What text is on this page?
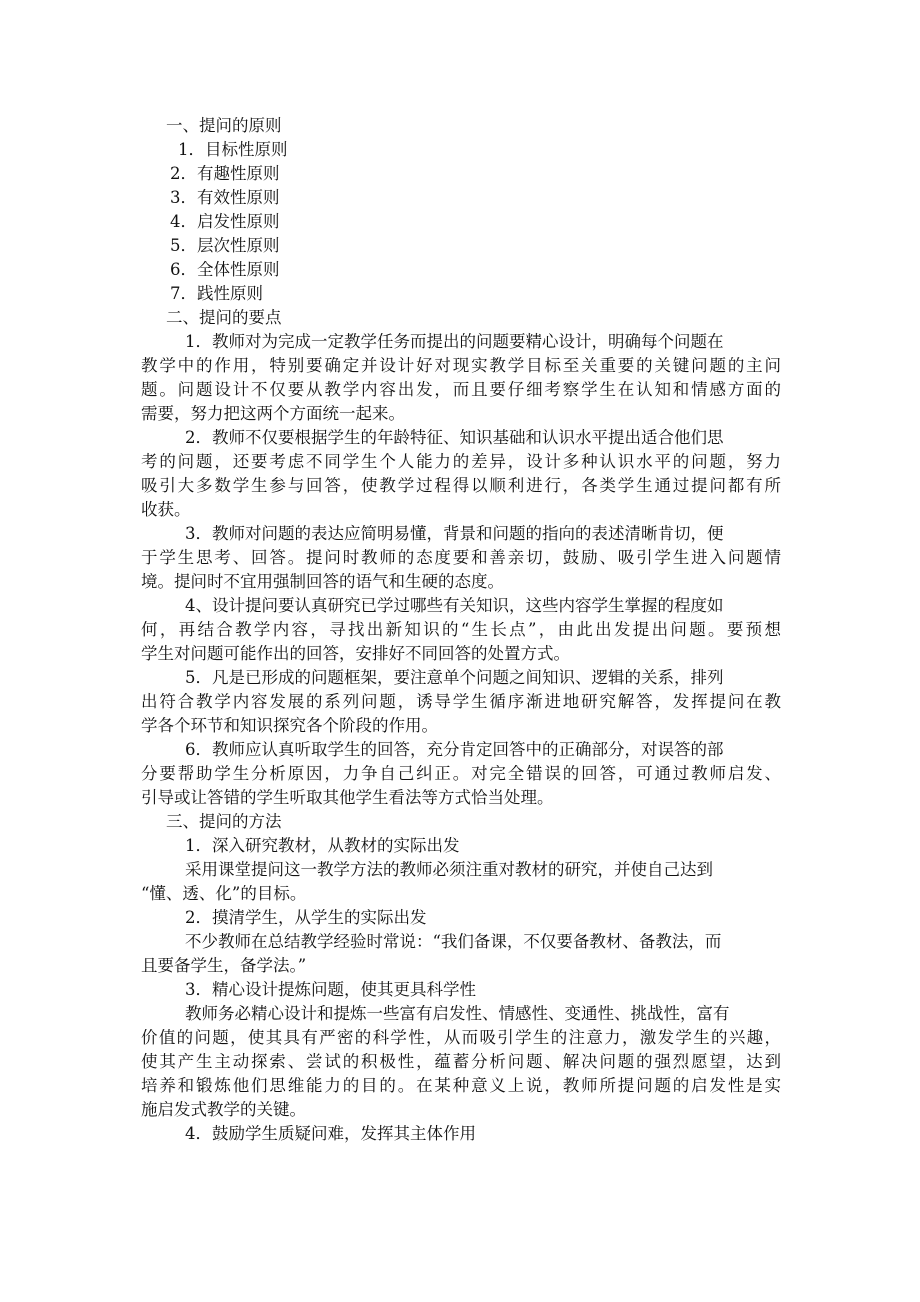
一、提问的原则
1．目标性原则
2．有趣性原则
3．有效性原则
4．启发性原则
5．层次性原则
6．全体性原则
7．践性原则
二、提问的要点
1．教师对为完成一定教学任务而提出的问题要精心设计，明确每个问题在
教学中的作用，特别要确定并设计好对现实教学目标至关重要的关键问题的主问
题。问题设计不仅要从教学内容出发，而且要仔细考察学生在认知和情感方面的
需要，努力把这两个方面统一起来。
2．教师不仅要根据学生的年龄特征、知识基础和认识水平提出适合他们思
考的问题，还要考虑不同学生个人能力的差异，设计多种认识水平的问题，努力
吸引大多数学生参与回答，使教学过程得以顺利进行，各类学生通过提问都有所
收获。
3．教师对问题的表达应简明易懂，背景和问题的指向的表述清晰肯切，便
于学生思考、回答。提问时教师的态度要和善亲切，鼓励、吸引学生进入问题情
境。提问时不宜用强制回答的语气和生硬的态度。
4、设计提问要认真研究已学过哪些有关知识，这些内容学生掌握的程度如
何，再结合教学内容，寻找出新知识的“生长点”，由此出发提出问题。要预想
学生对问题可能作出的回答，安排好不同回答的处置方式。
5．凡是已形成的问题框架，要注意单个问题之间知识、逻辑的关系，排列
出符合教学内容发展的系列问题，诱导学生循序渐进地研究解答，发挥提问在教
学各个环节和知识探究各个阶段的作用。
6．教师应认真听取学生的回答，充分肯定回答中的正确部分，对误答的部
分要帮助学生分析原因，力争自己纠正。对完全错误的回答，可通过教师启发、
引导或让答错的学生听取其他学生看法等方式恰当处理。
三、提问的方法
1．深入研究教材，从教材的实际出发
采用课堂提问这一教学方法的教师必须注重对教材的研究，并使自己达到
“懂、透、化”的目标。
2．摸清学生，从学生的实际出发
不少教师在总结教学经验时常说：“我们备课，不仅要备教材、备教法，而
且要备学生，备学法。”
3．精心设计提炼问题，使其更具科学性
教师务必精心设计和提炼一些富有启发性、情感性、变通性、挑战性，富有
价值的问题，使其具有严密的科学性，从而吸引学生的注意力，激发学生的兴趣，
使其产生主动探索、尝试的积极性，蕴蓄分析问题、解决问题的强烈愿望，达到
培养和锻炼他们思维能力的目的。在某种意义上说，教师所提问题的启发性是实
施启发式教学的关键。
4．鼓励学生质疑问难，发挥其主体作用
